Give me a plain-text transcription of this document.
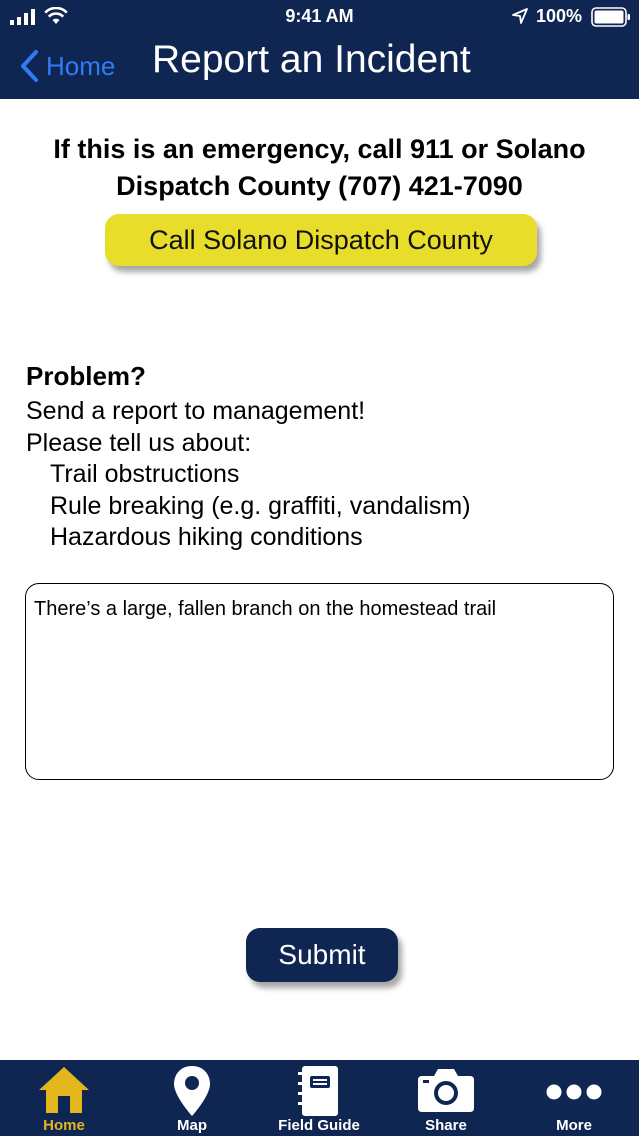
9:41 AM	100%
Home Report an Incident
If this is an emergency, call 911 or Solano
Dispatch County (707) 421-7090
Call Solano Dispatch County
Problem?
Send a report to management!
Please tell us about:
Trail obstructions
Rule breaking (e.g. graffiti, vandalism)
Hazardous hiking conditions
There’s a large, fallen branch on the homestead trail
Submit
Home	Map	Field Guide	Share	More
